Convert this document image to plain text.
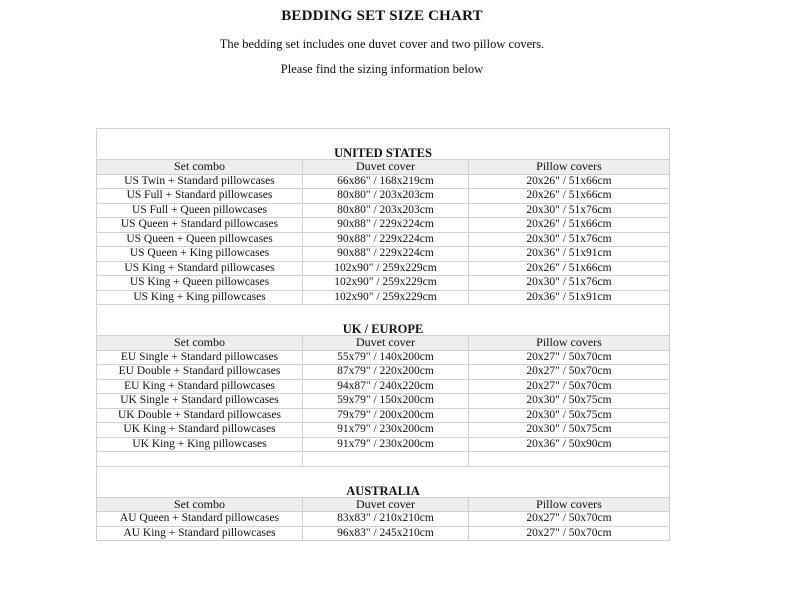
BEDDING SET SIZE CHART
The bedding set includes one duvet cover and two pillow covers.
Please find the sizing information below
UNITED STATES		
Set combo	Duvet cover	Pillow covers
US Twin + Standard pillowcases	66x86" / 168x219cm	20x26" / 51x66cm
US Full + Standard pillowcases	80x80" / 203x203cm	20x26" / 51x66cm
US Full + Queen pillowcases	80x80" / 203x203cm	20x30" / 51x76cm
US Queen + Standard pillowcases	90x88" / 229x224cm	20x26" / 51x66cm
US Queen + Queen pillowcases	90x88" / 229x224cm	20x30" / 51x76cm
US Queen + King pillowcases	90x88" / 229x224cm	20x36" / 51x91cm
US King + Standard pillowcases	102x90" / 259x229cm	20x26" / 51x66cm
US King + Queen pillowcases	102x90" / 259x229cm	20x30" / 51x76cm
US King + King pillowcases	102x90" / 259x229cm	20x36" / 51x91cm
UK / EUROPE		
Set combo	Duvet cover	Pillow covers
EU Single + Standard pillowcases	55x79" / 140x200cm	20x27" / 50x70cm
EU Double + Standard pillowcases	87x79" / 220x200cm	20x27" / 50x70cm
EU King + Standard pillowcases	94x87" / 240x220cm	20x27" / 50x70cm
UK Single + Standard pillowcases	59x79" / 150x200cm	20x30" / 50x75cm
UK Double + Standard pillowcases	79x79" / 200x200cm	20x30" / 50x75cm
UK King + Standard pillowcases	91x79" / 230x200cm	20x30" / 50x75cm
UK King + King pillowcases	91x79" / 230x200cm	20x36" / 50x90cm

AUSTRALIA		
Set combo	Duvet cover	Pillow covers
AU Queen + Standard pillowcases	83x83" / 210x210cm	20x27" / 50x70cm
AU King + Standard pillowcases	96x83" / 245x210cm	20x27" / 50x70cm
